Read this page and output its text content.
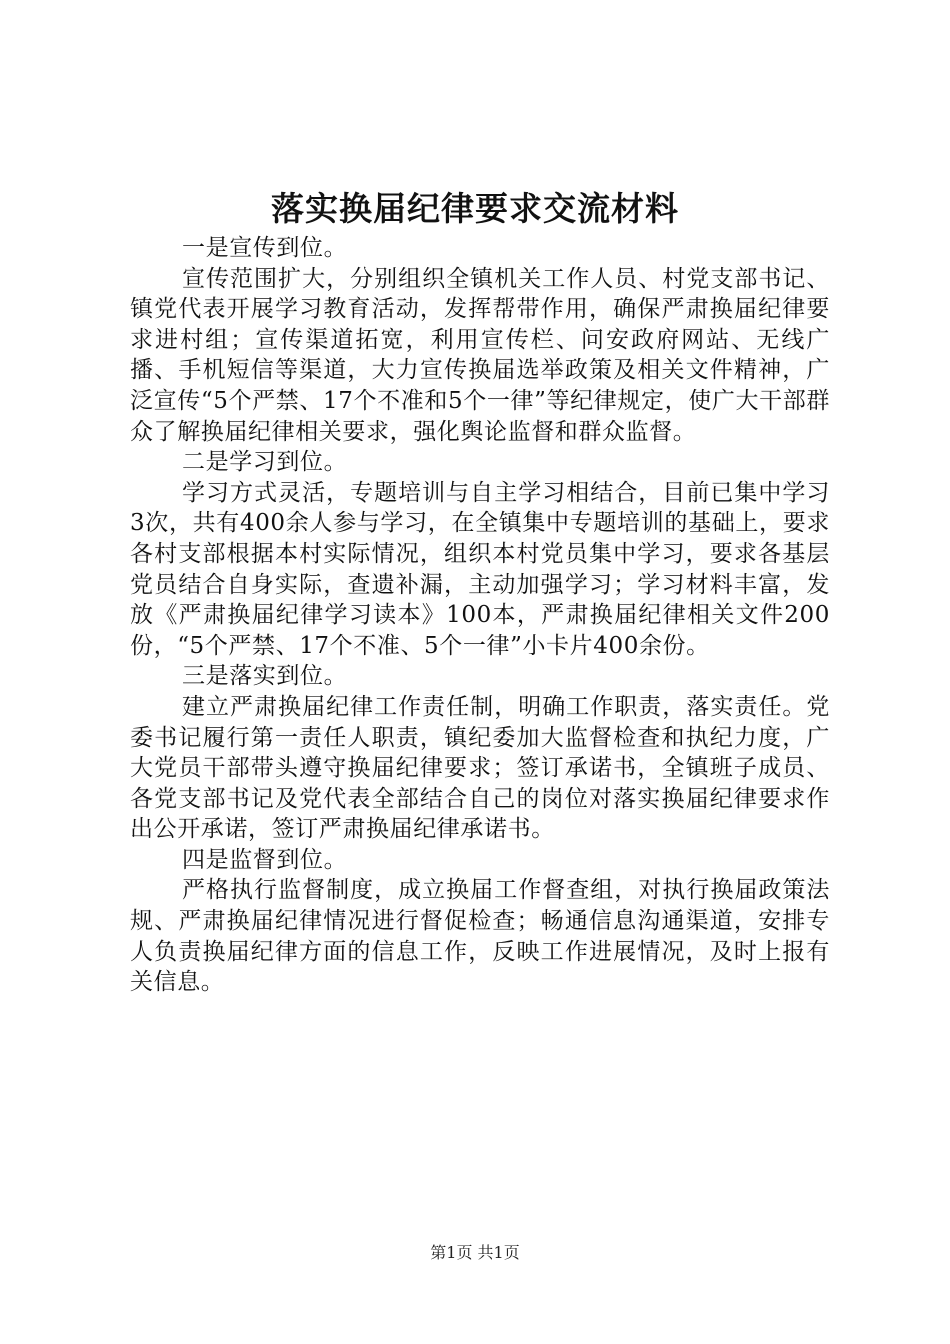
落实换届纪律要求交流材料

一是宣传到位。

宣传范围扩大，分别组织全镇机关工作人员、村党支部书记、镇党代表开展学习教育活动，发挥帮带作用，确保严肃换届纪律要求进村组；宣传渠道拓宽，利用宣传栏、问安政府网站、无线广播、手机短信等渠道，大力宣传换届选举政策及相关文件精神，广泛宣传“5个严禁、17个不准和5个一律”等纪律规定，使广大干部群众了解换届纪律相关要求，强化舆论监督和群众监督。

二是学习到位。

学习方式灵活，专题培训与自主学习相结合，目前已集中学习3次，共有400余人参与学习，在全镇集中专题培训的基础上，要求各村支部根据本村实际情况，组织本村党员集中学习，要求各基层党员结合自身实际，查遗补漏，主动加强学习；学习材料丰富，发放《严肃换届纪律学习读本》100本，严肃换届纪律相关文件200份，“5个严禁、17个不准、5个一律”小卡片400余份。

三是落实到位。

建立严肃换届纪律工作责任制，明确工作职责，落实责任。党委书记履行第一责任人职责，镇纪委加大监督检查和执纪力度，广大党员干部带头遵守换届纪律要求；签订承诺书，全镇班子成员、各党支部书记及党代表全部结合自己的岗位对落实换届纪律要求作出公开承诺，签订严肃换届纪律承诺书。

四是监督到位。

严格执行监督制度，成立换届工作督查组，对执行换届政策法规、严肃换届纪律情况进行督促检查；畅通信息沟通渠道，安排专人负责换届纪律方面的信息工作，反映工作进展情况，及时上报有关信息。

第1页 共1页
